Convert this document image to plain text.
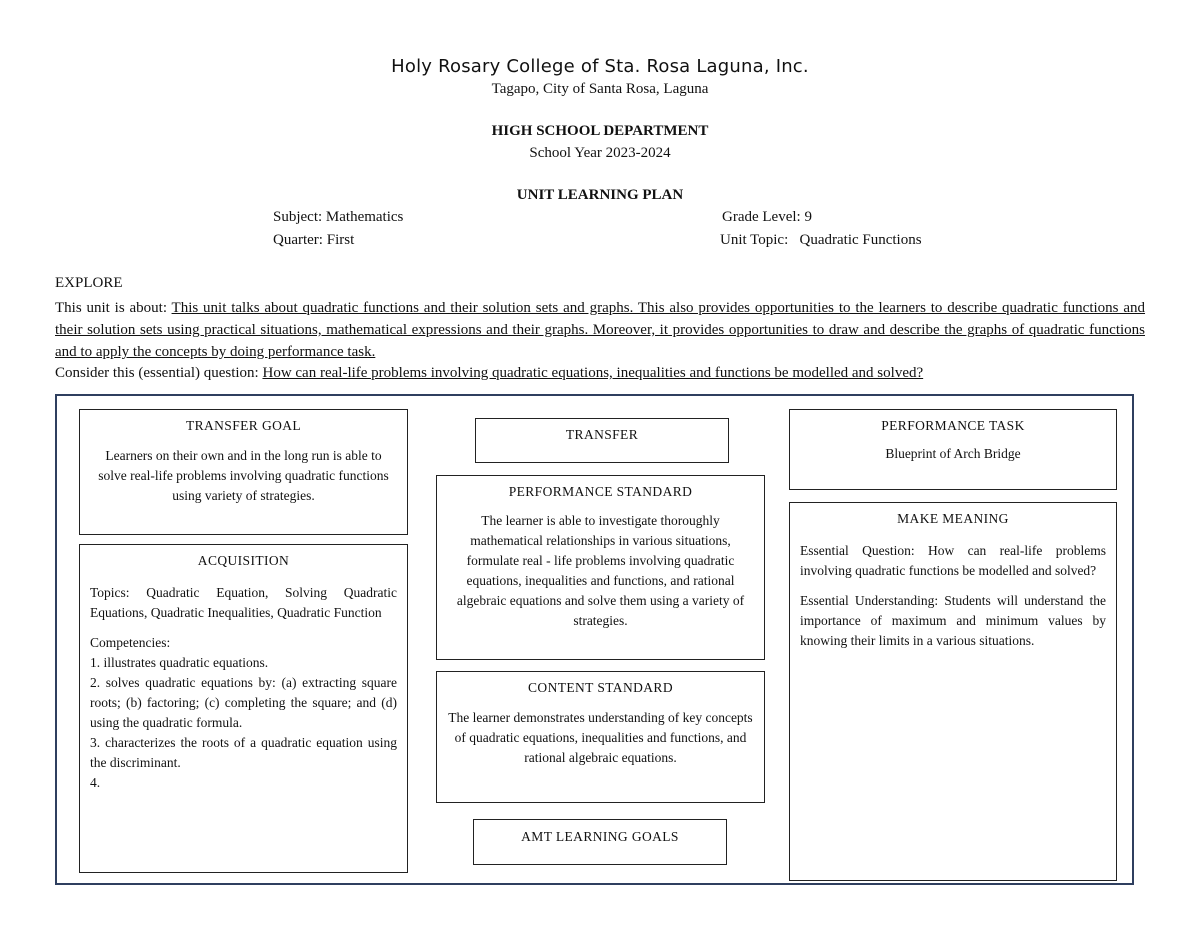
Holy Rosary College of Sta. Rosa Laguna, Inc.
Tagapo, City of Santa Rosa, Laguna
HIGH SCHOOL DEPARTMENT
School Year 2023-2024
UNIT LEARNING PLAN
Subject: Mathematics	Grade Level: 9
Quarter: First	Unit Topic:   Quadratic Functions
EXPLORE
This unit is about: This unit talks about quadratic functions and their solution sets and graphs. This also provides opportunities to the learners to describe quadratic functions and their solution sets using practical situations, mathematical expressions and their graphs. Moreover, it provides opportunities to draw and describe the graphs of quadratic functions and to apply the concepts by doing performance task.
Consider this (essential) question: How can real-life problems involving quadratic equations, inequalities and functions be modelled and solved?
TRANSFER GOAL
Learners on their own and in the long run is able to solve real-life problems involving quadratic functions using variety of strategies.
ACQUISITION
Topics: Quadratic Equation, Solving Quadratic Equations, Quadratic Inequalities, Quadratic Function
Competencies:
1. illustrates quadratic equations.
2. solves quadratic equations by: (a) extracting square roots; (b) factoring; (c) completing the square; and (d) using the quadratic formula.
3. characterizes the roots of a quadratic equation using the discriminant.
4.
TRANSFER
PERFORMANCE STANDARD
The learner is able to investigate thoroughly mathematical relationships in various situations, formulate real - life problems involving quadratic equations, inequalities and functions, and rational algebraic equations and solve them using a variety of strategies.
CONTENT STANDARD
The learner demonstrates understanding of key concepts of quadratic equations, inequalities and functions, and rational algebraic equations.
AMT LEARNING GOALS
PERFORMANCE TASK
Blueprint of Arch Bridge
MAKE MEANING
Essential Question: How can real-life problems involving quadratic functions be modelled and solved?
Essential Understanding: Students will understand the importance of maximum and minimum values by knowing their limits in a various situations.
